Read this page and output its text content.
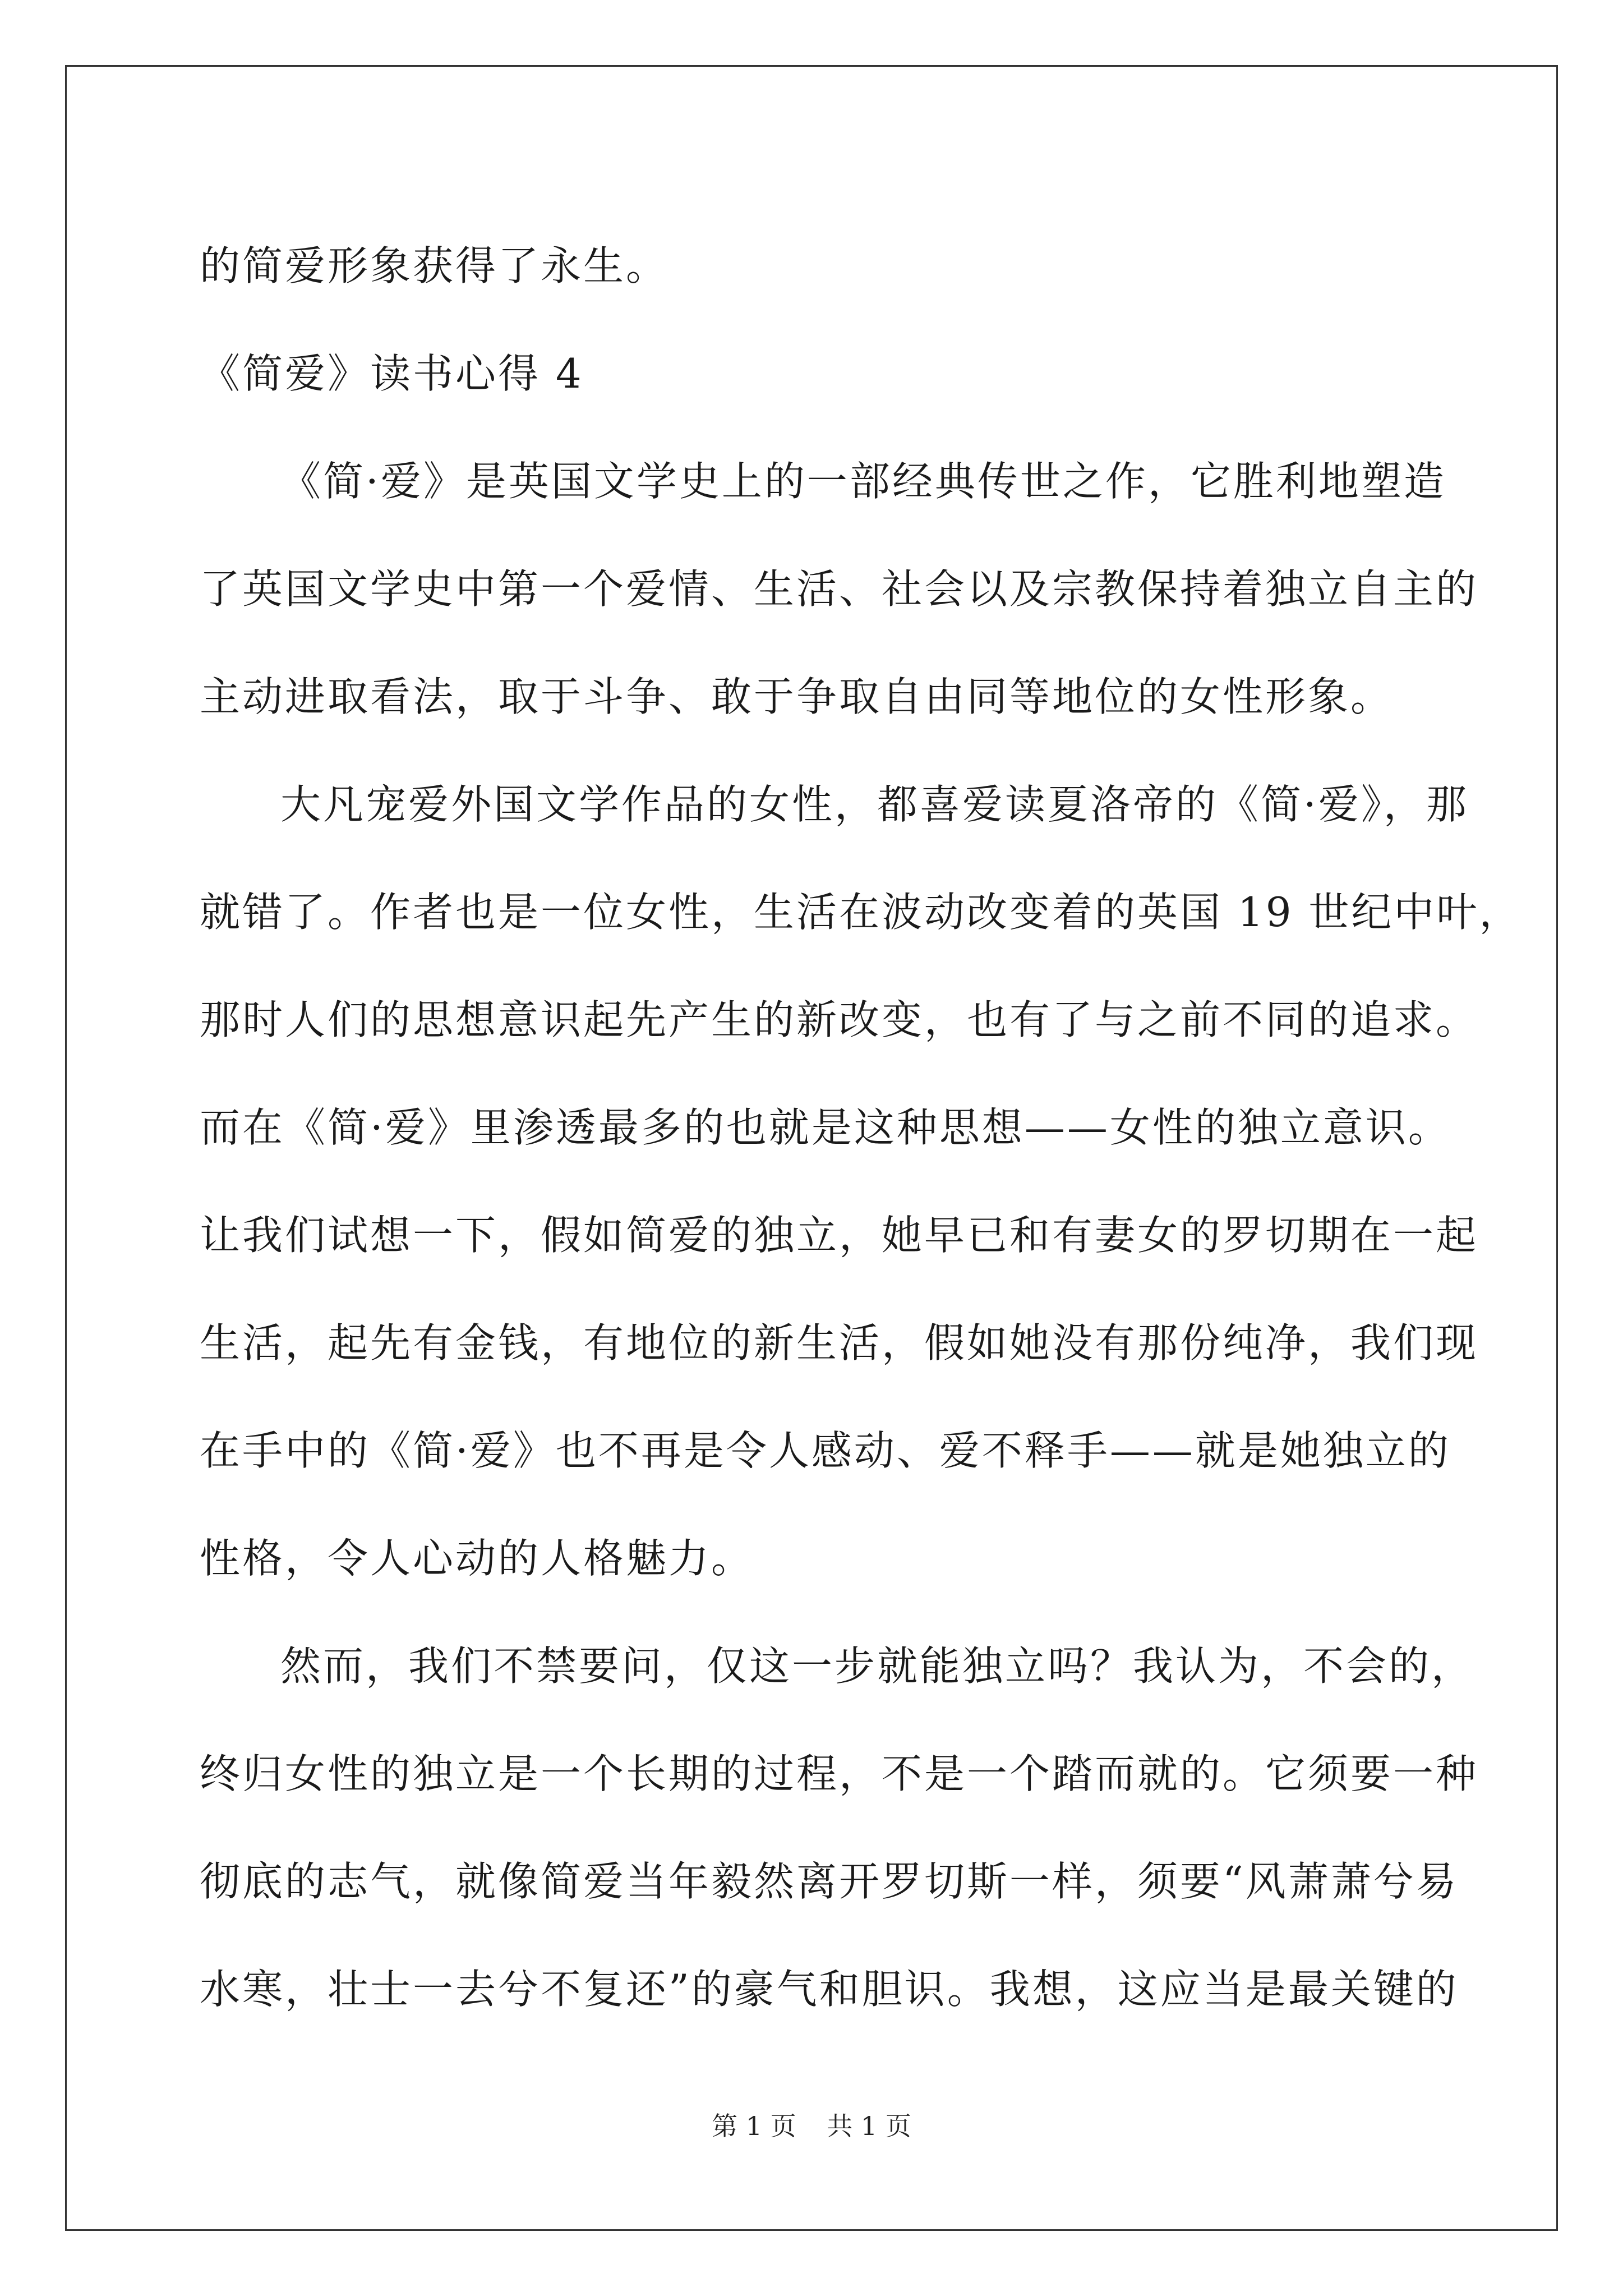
的简爱形象获得了永生。
《简爱》读书心得 4
《简·爱》是英国文学史上的一部经典传世之作，它胜利地塑造
了英国文学史中第一个爱情、生活、社会以及宗教保持着独立自主的
主动进取看法，取于斗争、敢于争取自由同等地位的女性形象。
大凡宠爱外国文学作品的女性，都喜爱读夏洛帝的《简·爱》，那
就错了。作者也是一位女性，生活在波动改变着的英国 19 世纪中叶，
那时人们的思想意识起先产生的新改变，也有了与之前不同的追求。
而在《简·爱》里渗透最多的也就是这种思想——女性的独立意识。
让我们试想一下，假如简爱的独立，她早已和有妻女的罗切期在一起
生活，起先有金钱，有地位的新生活，假如她没有那份纯净，我们现
在手中的《简·爱》也不再是令人感动、爱不释手——就是她独立的
性格，令人心动的人格魅力。
然而，我们不禁要问，仅这一步就能独立吗？我认为，不会的，
终归女性的独立是一个长期的过程，不是一个踏而就的。它须要一种
彻底的志气，就像简爱当年毅然离开罗切斯一样，须要“风萧萧兮易
水寒，壮士一去兮不复还”的豪气和胆识。我想，这应当是最关键的
第 1 页 共 1 页
